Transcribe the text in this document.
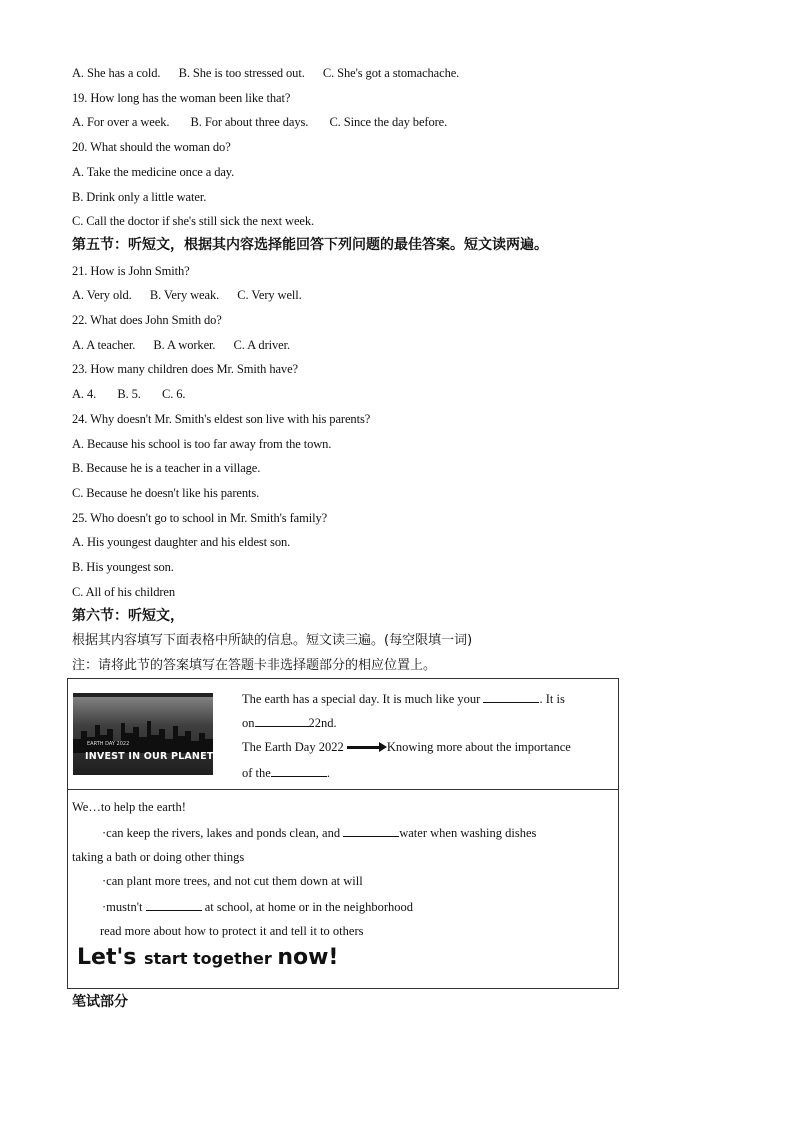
A. She has a cold.      B. She is too stressed out.      C. She's got a stomachache.
19. How long has the woman been like that?
A. For over a week.       B. For about three days.       C. Since the day before.
20. What should the woman do?
A. Take the medicine once a day.
B. Drink only a little water.
C. Call the doctor if she's still sick the next week.
第五节：听短文，根据其内容选择能回答下列问题的最佳答案。短文读两遍。
21. How is John Smith?
A. Very old.      B. Very weak.      C. Very well.
22. What does John Smith do?
A. A teacher.      B. A worker.      C. A driver.
23. How many children does Mr. Smith have?
A. 4.       B. 5.       C. 6.
24. Why doesn't Mr. Smith's eldest son live with his parents?
A. Because his school is too far away from the town.
B. Because he is a teacher in a village.
C. Because he doesn't like his parents.
25. Who doesn't go to school in Mr. Smith's family?
A. His youngest daughter and his eldest son.
B. His youngest son.
C. All of his children
第六节：听短文，
根据其内容填写下面表格中所缺的信息。短文读三遍。(每空限填一词)
注：请将此节的答案填写在答题卡非选择题部分的相应位置上。
EARTH DAY 2022
INVEST IN OUR PLANET
The earth has a special day. It is much like your	. It is
on	22nd.
The Earth Day 2022	Knowing more about the importance
of the	.
We…to help the earth!
·can keep the rivers, lakes and ponds clean, and	water when washing dishes
taking a bath or doing other things
·can plant more trees, and not cut them down at will
·mustn't	at school, at home or in the neighborhood
read more about how to protect it and tell it to others
Let's start together now!
笔试部分
